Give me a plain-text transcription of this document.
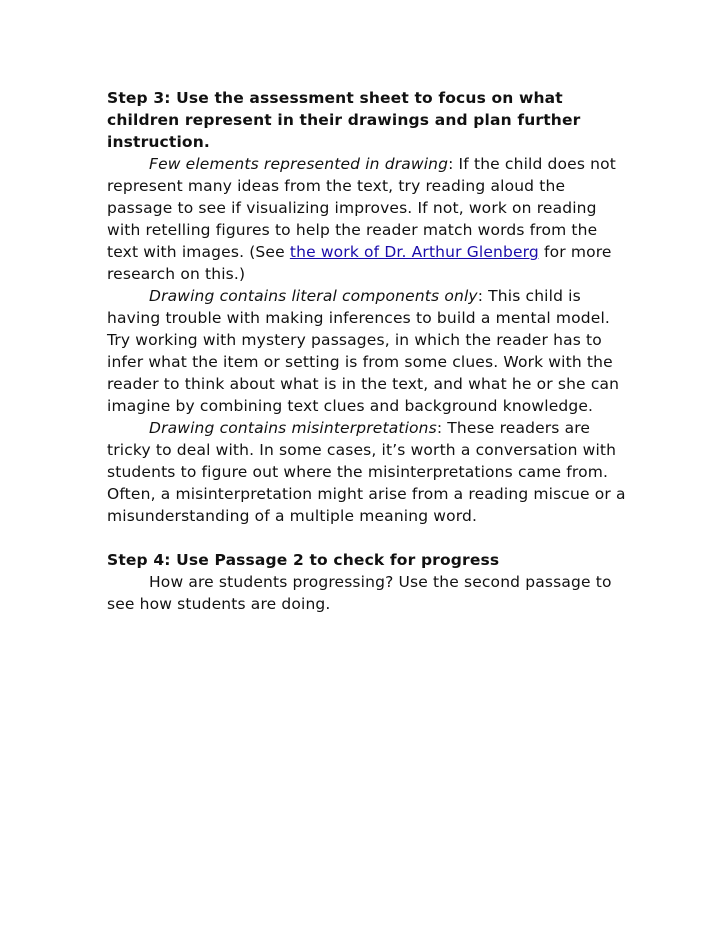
Step 3: Use the assessment sheet to focus on what children represent in their drawings and plan further instruction.

Few elements represented in drawing: If the child does not represent many ideas from the text, try reading aloud the passage to see if visualizing improves. If not, work on reading with retelling figures to help the reader match words from the text with images. (See the work of Dr. Arthur Glenberg for more research on this.)

Drawing contains literal components only: This child is having trouble with making inferences to build a mental model. Try working with mystery passages, in which the reader has to infer what the item or setting is from some clues. Work with the reader to think about what is in the text, and what he or she can imagine by combining text clues and background knowledge.

Drawing contains misinterpretations: These readers are tricky to deal with. In some cases, it’s worth a conversation with students to figure out where the misinterpretations came from. Often, a misinterpretation might arise from a reading miscue or a misunderstanding of a multiple meaning word.

Step 4: Use Passage 2 to check for progress

How are students progressing? Use the second passage to see how students are doing.
